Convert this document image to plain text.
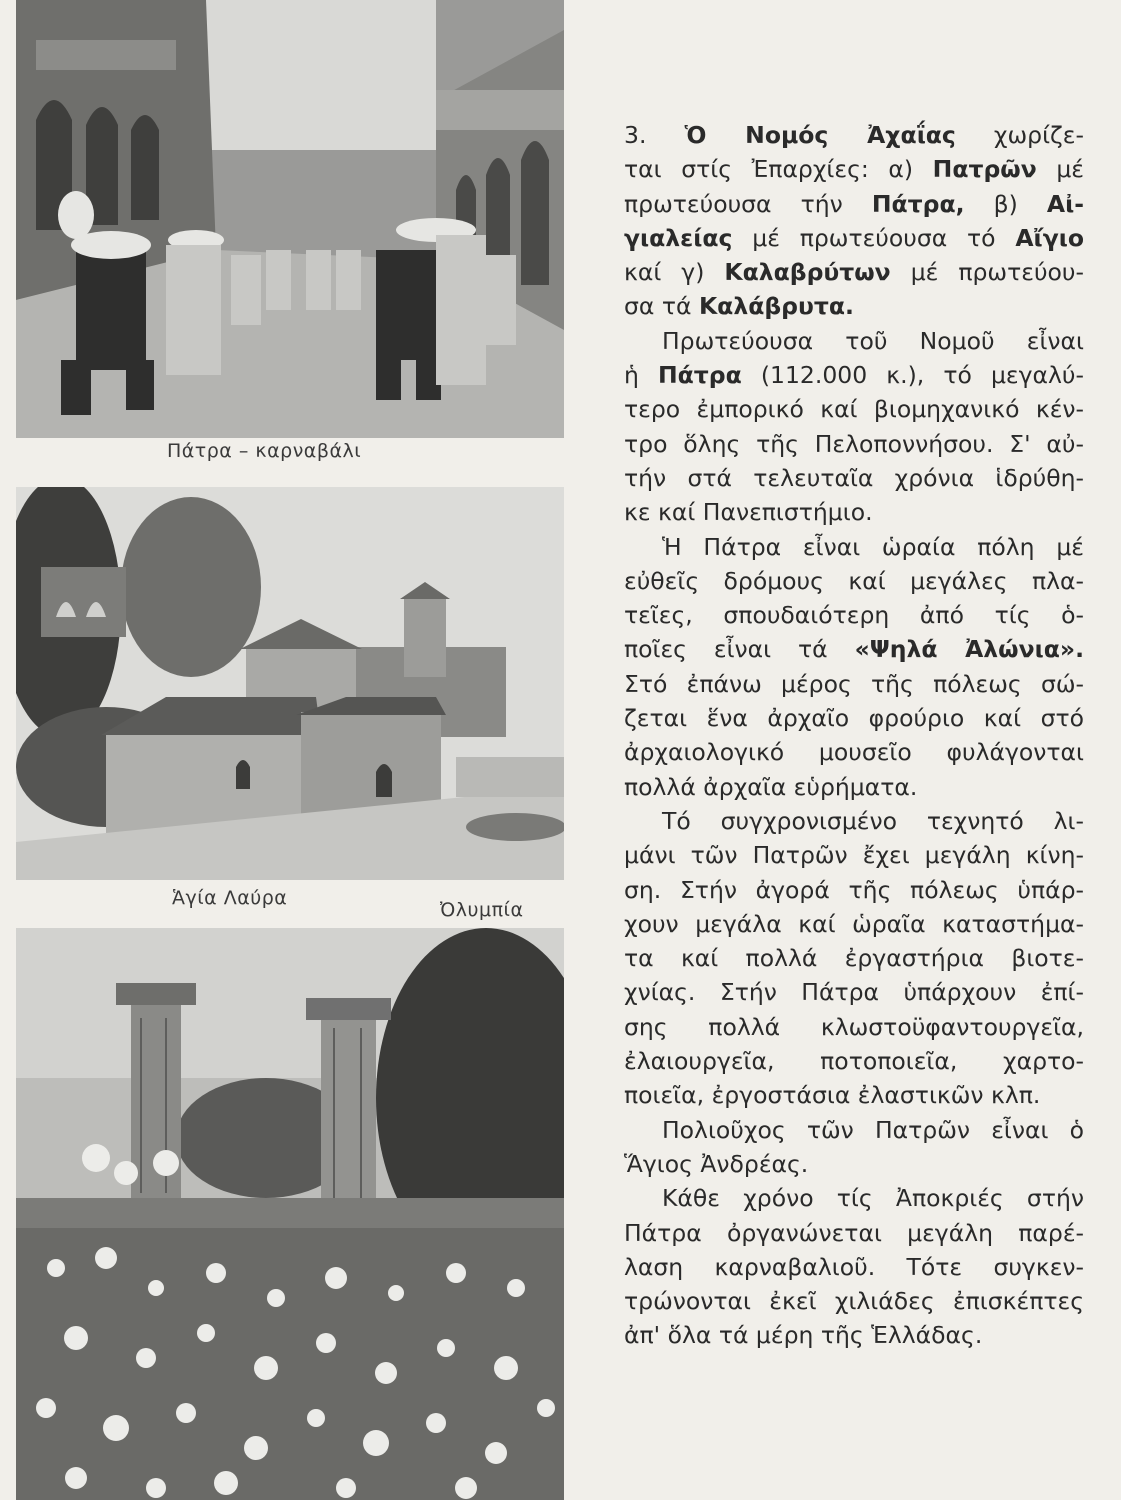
Πάτρα – καρναβάλι
Ἁγία Λαύρα
Ὀλυμπία
3. Ὁ Νομός Ἀχαΐας χωρίζε-
ται στίς Ἐπαρχίες: α) Πατρῶν μέ
πρωτεύουσα τήν Πάτρα, β) Αἰ-
γιαλείας μέ πρωτεύουσα τό Αἴγιο
καί γ) Καλαβρύτων μέ πρωτεύου-
σα τά Καλάβρυτα.
Πρωτεύουσα τοῦ Νομοῦ εἶναι
ἡ Πάτρα (112.000 κ.), τό μεγαλύ-
τερο ἐμπορικό καί βιομηχανικό κέν-
τρο ὅλης τῆς Πελοποννήσου. Σ' αὐ-
τήν στά τελευταῖα χρόνια ἱδρύθη-
κε καί Πανεπιστήμιο.
Ἡ Πάτρα εἶναι ὡραία πόλη μέ
εὐθεῖς δρόμους καί μεγάλες πλα-
τεῖες, σπουδαιότερη ἀπό τίς ὁ-
ποῖες εἶναι τά «Ψηλά Ἀλώνια».
Στό ἐπάνω μέρος τῆς πόλεως σώ-
ζεται ἕνα ἀρχαῖο φρούριο καί στό
ἀρχαιολογικό μουσεῖο φυλάγονται
πολλά ἀρχαῖα εὑρήματα.
Τό συγχρονισμένο τεχνητό λι-
μάνι τῶν Πατρῶν ἔχει μεγάλη κίνη-
ση. Στήν ἀγορά τῆς πόλεως ὑπάρ-
χουν μεγάλα καί ὡραῖα καταστήμα-
τα καί πολλά ἐργαστήρια βιοτε-
χνίας. Στήν Πάτρα ὑπάρχουν ἐπί-
σης πολλά κλωστοϋφαντουργεῖα,
ἐλαιουργεῖα, ποτοποιεῖα, χαρτο-
ποιεῖα, ἐργοστάσια ἐλαστικῶν κλπ.
Πολιοῦχος τῶν Πατρῶν εἶναι ὁ
Ἅγιος Ἀνδρέας.
Κάθε χρόνο τίς Ἀποκριές στήν
Πάτρα ὀργανώνεται μεγάλη παρέ-
λαση καρναβαλιοῦ. Τότε συγκεν-
τρώνονται ἐκεῖ χιλιάδες ἐπισκέπτες
ἀπ' ὅλα τά μέρη τῆς Ἑλλάδας.
